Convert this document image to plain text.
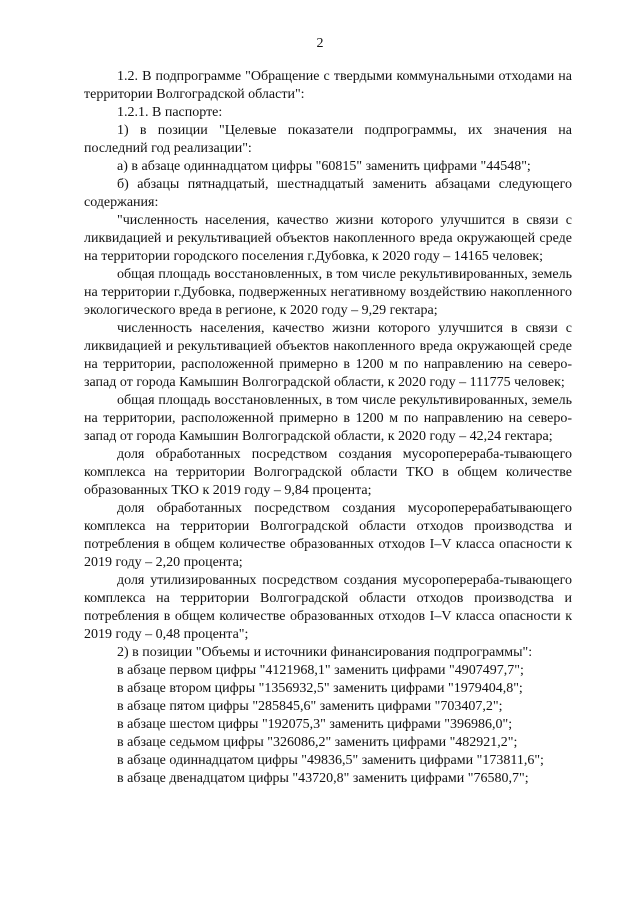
2

1.2. В подпрограмме "Обращение с твердыми коммунальными отходами на территории Волгоградской области":

1.2.1. В паспорте:

1) в позиции "Целевые показатели подпрограммы, их значения на последний год реализации":

а) в абзаце одиннадцатом цифры "60815" заменить цифрами "44548";

б) абзацы пятнадцатый, шестнадцатый заменить абзацами следующего содержания:

"численность населения, качество жизни которого улучшится в связи с ликвидацией и рекультивацией объектов накопленного вреда окружающей среде на территории городского поселения г.Дубовка, к 2020 году – 14165 человек;

общая площадь восстановленных, в том числе рекультивированных, земель на территории г.Дубовка, подверженных негативному воздействию накопленного экологического вреда в регионе, к 2020 году – 9,29 гектара;

численность населения, качество жизни которого улучшится в связи с ликвидацией и рекультивацией объектов накопленного вреда окружающей среде на территории, расположенной примерно в 1200 м по направлению на северо-запад от города Камышин Волгоградской области, к 2020 году – 111775 человек;

общая площадь восстановленных, в том числе рекультивированных, земель на территории, расположенной примерно в 1200 м по направлению на северо-запад от города Камышин Волгоградской области, к 2020 году – 42,24 гектара;

доля обработанных посредством создания мусороперераба-тывающего комплекса на территории Волгоградской области ТКО в общем количестве образованных ТКО к 2019 году – 9,84 процента;

доля обработанных посредством создания мусороперерабатывающего комплекса на территории Волгоградской области отходов производства и потребления в общем количестве образованных отходов I–V класса опасности к 2019 году – 2,20 процента;

доля утилизированных посредством создания мусороперераба-тывающего комплекса на территории Волгоградской области отходов производства и потребления в общем количестве образованных отходов I–V класса опасности к 2019 году – 0,48 процента";

2) в позиции "Объемы и источники финансирования подпрограммы":

в абзаце первом цифры "4121968,1" заменить цифрами "4907497,7";

в абзаце втором цифры "1356932,5" заменить цифрами "1979404,8";

в абзаце пятом цифры "285845,6" заменить цифрами "703407,2";

в абзаце шестом цифры "192075,3" заменить цифрами "396986,0";

в абзаце седьмом цифры "326086,2" заменить цифрами "482921,2";

в абзаце одиннадцатом цифры "49836,5" заменить цифрами "173811,6";

в абзаце двенадцатом цифры "43720,8" заменить цифрами "76580,7";
